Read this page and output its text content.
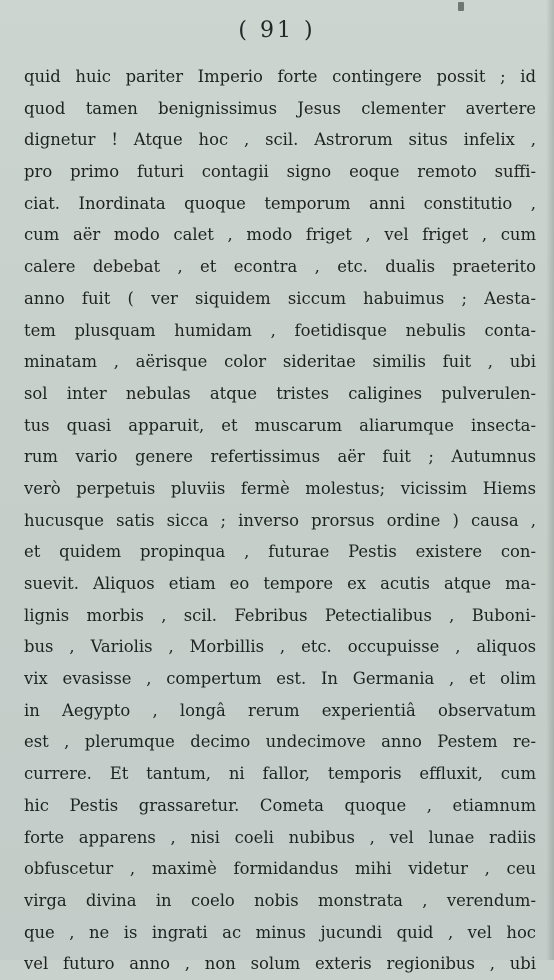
( 91 )
quid huic pariter Imperio forte contingere possit ; id
quod tamen benignissimus Jesus clementer avertere
dignetur ! Atque hoc , scil. Astrorum situs infelix ,
pro primo futuri contagii signo eoque remoto suffi-
ciat. Inordinata quoque temporum anni constitutio ,
cum aër modo calet , modo friget , vel friget , cum
calere debebat , et econtra , etc. dualis praeterito
anno fuit ( ver siquidem siccum habuimus ; Aesta-
tem plusquam humidam , foetidisque nebulis conta-
minatam , aërisque color sideritae similis fuit , ubi
sol inter nebulas atque tristes caligines pulverulen-
tus quasi apparuit, et muscarum aliarumque insecta-
rum vario genere refertissimus aër fuit ; Autumnus
verò perpetuis pluviis fermè molestus; vicissim Hiems
hucusque satis sicca ; inverso prorsus ordine ) causa ,
et quidem propinqua , futurae Pestis existere con-
suevit. Aliquos etiam eo tempore ex acutis atque ma-
lignis morbis , scil. Febribus Petectialibus , Buboni-
bus , Variolis , Morbillis , etc. occupuisse , aliquos
vix evasisse , compertum est. In Germania , et olim
in Aegypto , longâ rerum experientiâ observatum
est , plerumque decimo undecimove anno Pestem re-
currere. Et tantum, ni fallor, temporis effluxit, cum
hic Pestis grassaretur. Cometa quoque , etiamnum
forte apparens , nisi coeli nubibus , vel lunae radiis
obfuscetur , maximè formidandus mihi videtur , ceu
virga divina in coelo nobis monstrata , verendum-
que , ne is ingrati ac minus jucundi quid , vel hoc
vel futuro anno , non solum exteris regionibus , ubi
